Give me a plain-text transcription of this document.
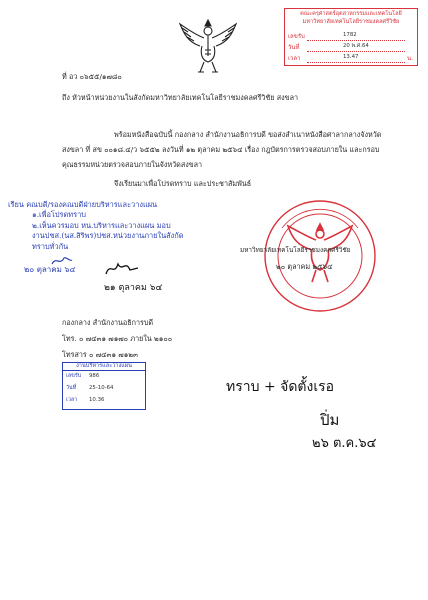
คณะครุศาสตร์อุตสาหกรรมและเทคโนโลยี
มหาวิทยาลัยเทคโนโลยีราชมงคลศรีวิชัย
เลขรับ	1782
วันที่	20 พ.ศ.64
เวลา	13.47	น.
ที่ อว ๐๖๕๕/๑๗๘๐
ถึง หัวหน้าหน่วยงานในสังกัดมหาวิทยาลัยเทคโนโลยีราชมงคลศรีวิชัย สงขลา
พร้อมหนังสือฉบับนี้ กองกลาง สำนักงานอธิการบดี ขอส่งสำเนาหนังสือศาลากลางจังหวัด
สงขลา ที่ สข ๐๐๑๘.๔/ว ๖๕๕๒ ลงวันที่ ๑๒ ตุลาคม ๒๕๖๔ เรื่อง กฎบัตรการตรวจสอบภายใน และกรอบ
คุณธรรมหน่วยตรวจสอบภายในจังหวัดสงขลา
จึงเรียนมาเพื่อโปรดทราบ และประชาสัมพันธ์
เรียน คณบดี/รองคณบดีฝ่ายบริหารและวางแผน
๑.เพื่อโปรดทราบ
๒.เห็นควรมอบ หน.บริหารและวางแผน มอบ
งานปชส.(นส.สิริพร)ปชส.หน่วยงานภายในสังกัด
ทราบทั่วกัน
๒๐ ตุลาคม ๖๔
๒๑ ตุลาคม ๖๔
มหาวิทยาลัยเทคโนโลยีราชมงคลศรีวิชัย
๒๐ ตุลาคม ๒๕๖๔
กองกลาง สำนักงานอธิการบดี
โทร. ๐ ๗๔๓๑ ๗๑๗๐ ภายใน ๒๑๐๐
โทรสาร ๐ ๗๔๓๑ ๗๑๒๓
งานบริหารและวางแผน
เลขรับ 986
วันที่ 25-10-64
เวลา 10.36
ทราบ + จัดตั้งเรอ
ปิ่ม
๒๖ ต.ค.๖๔
